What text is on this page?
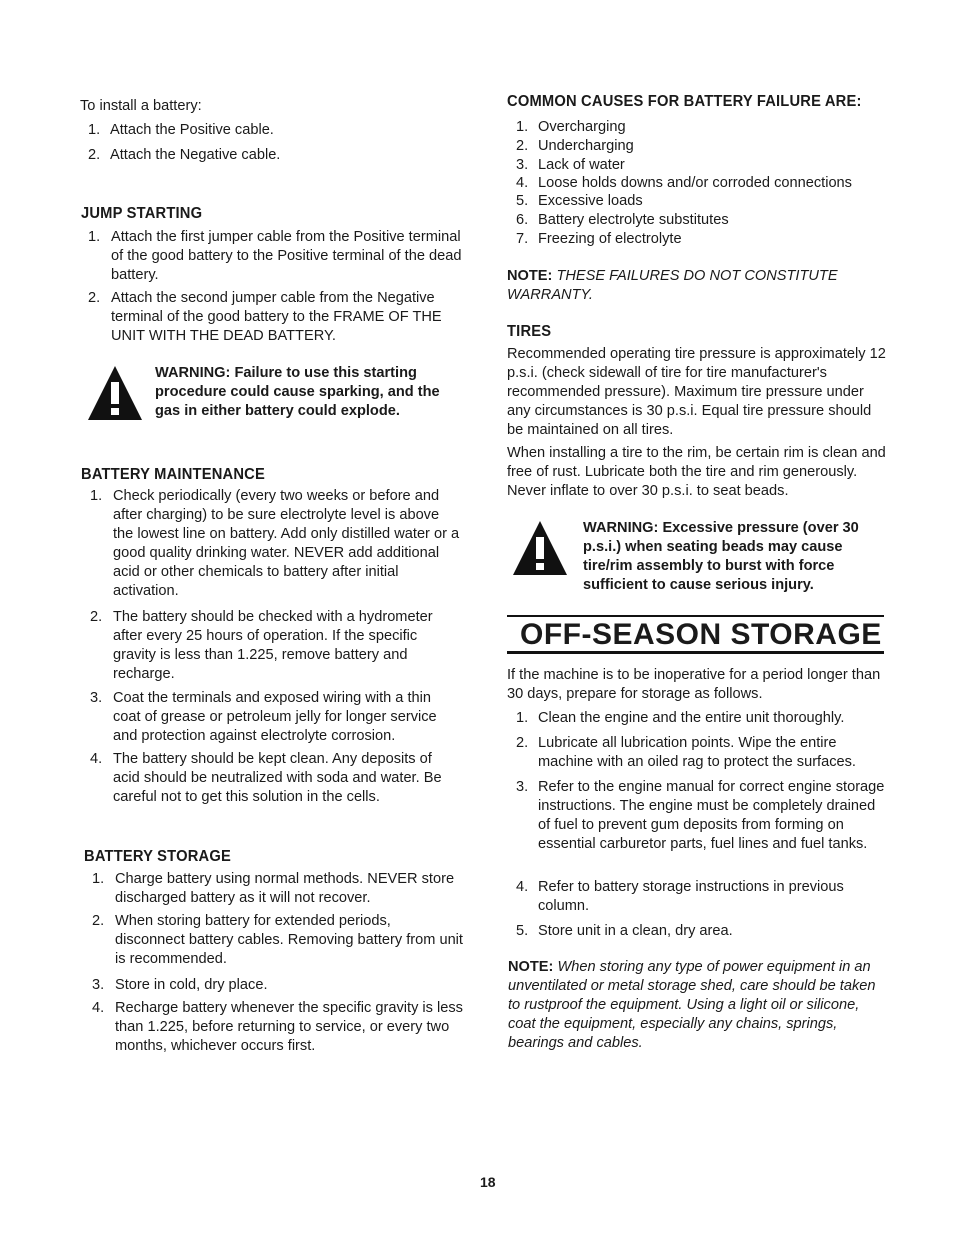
To install a battery:

1. Attach the Positive cable.
2. Attach the Negative cable.
JUMP STARTING
1. Attach the first jumper cable from the Positive terminal of the good battery to the Positive terminal of the dead battery.
2. Attach the second jumper cable from the Negative terminal of the good battery to the FRAME OF THE UNIT WITH THE DEAD BATTERY.

WARNING: Failure to use this starting procedure could cause sparking, and the gas in either battery could explode.

BATTERY MAINTENANCE
1. Check periodically (every two weeks or before and after charging) to be sure electrolyte level is above the lowest line on battery. Add only distilled water or a good quality drinking water. NEVER add additional acid or other chemicals to battery after initial activation.
2. The battery should be checked with a hydrometer after every 25 hours of operation. If the specific gravity is less than 1.225, remove battery and recharge.
3. Coat the terminals and exposed wiring with a thin coat of grease or petroleum jelly for longer service and protection against electrolyte corrosion.
4. The battery should be kept clean. Any deposits of acid should be neutralized with soda and water. Be careful not to get this solution in the cells.
BATTERY STORAGE
1. Charge battery using normal methods. NEVER store discharged battery as it will not recover.
2. When storing battery for extended periods, disconnect battery cables. Removing battery from unit is recommended.
3. Store in cold, dry place.
4. Recharge battery whenever the specific gravity is less than 1.225, before returning to service, or every two months, whichever occurs first.
COMMON CAUSES FOR BATTERY FAILURE ARE:
1. Overcharging
2. Undercharging
3. Lack of water
4. Loose holds downs and/or corroded connections
5. Excessive loads
6. Battery electrolyte substitutes
7. Freezing of electrolyte

NOTE: THESE FAILURES DO NOT CONSTITUTE WARRANTY.

TIRES

Recommended operating tire pressure is approximately 12 p.s.i. (check sidewall of tire for tire manufacturer's recommended pressure). Maximum tire pressure under any circumstances is 30 p.s.i. Equal tire pressure should be maintained on all tires.

When installing a tire to the rim, be certain rim is clean and free of rust. Lubricate both the tire and rim generously. Never inflate to over 30 p.s.i. to seat beads.

WARNING: Excessive pressure (over 30 p.s.i.) when seating beads may cause tire/rim assembly to burst with force sufficient to cause serious injury.

OFF-SEASON STORAGE

If the machine is to be inoperative for a period longer than 30 days, prepare for storage as follows.

1. Clean the engine and the entire unit thoroughly.
2. Lubricate all lubrication points. Wipe the entire machine with an oiled rag to protect the surfaces.
3. Refer to the engine manual for correct engine storage instructions. The engine must be completely drained of fuel to prevent gum deposits from forming on essential carburetor parts, fuel lines and fuel tanks.
4. Refer to battery storage instructions in previous column.
5. Store unit in a clean, dry area.

NOTE: When storing any type of power equipment in an unventilated or metal storage shed, care should be taken to rustproof the equipment. Using a light oil or silicone, coat the equipment, especially any chains, springs, bearings and cables.

18
